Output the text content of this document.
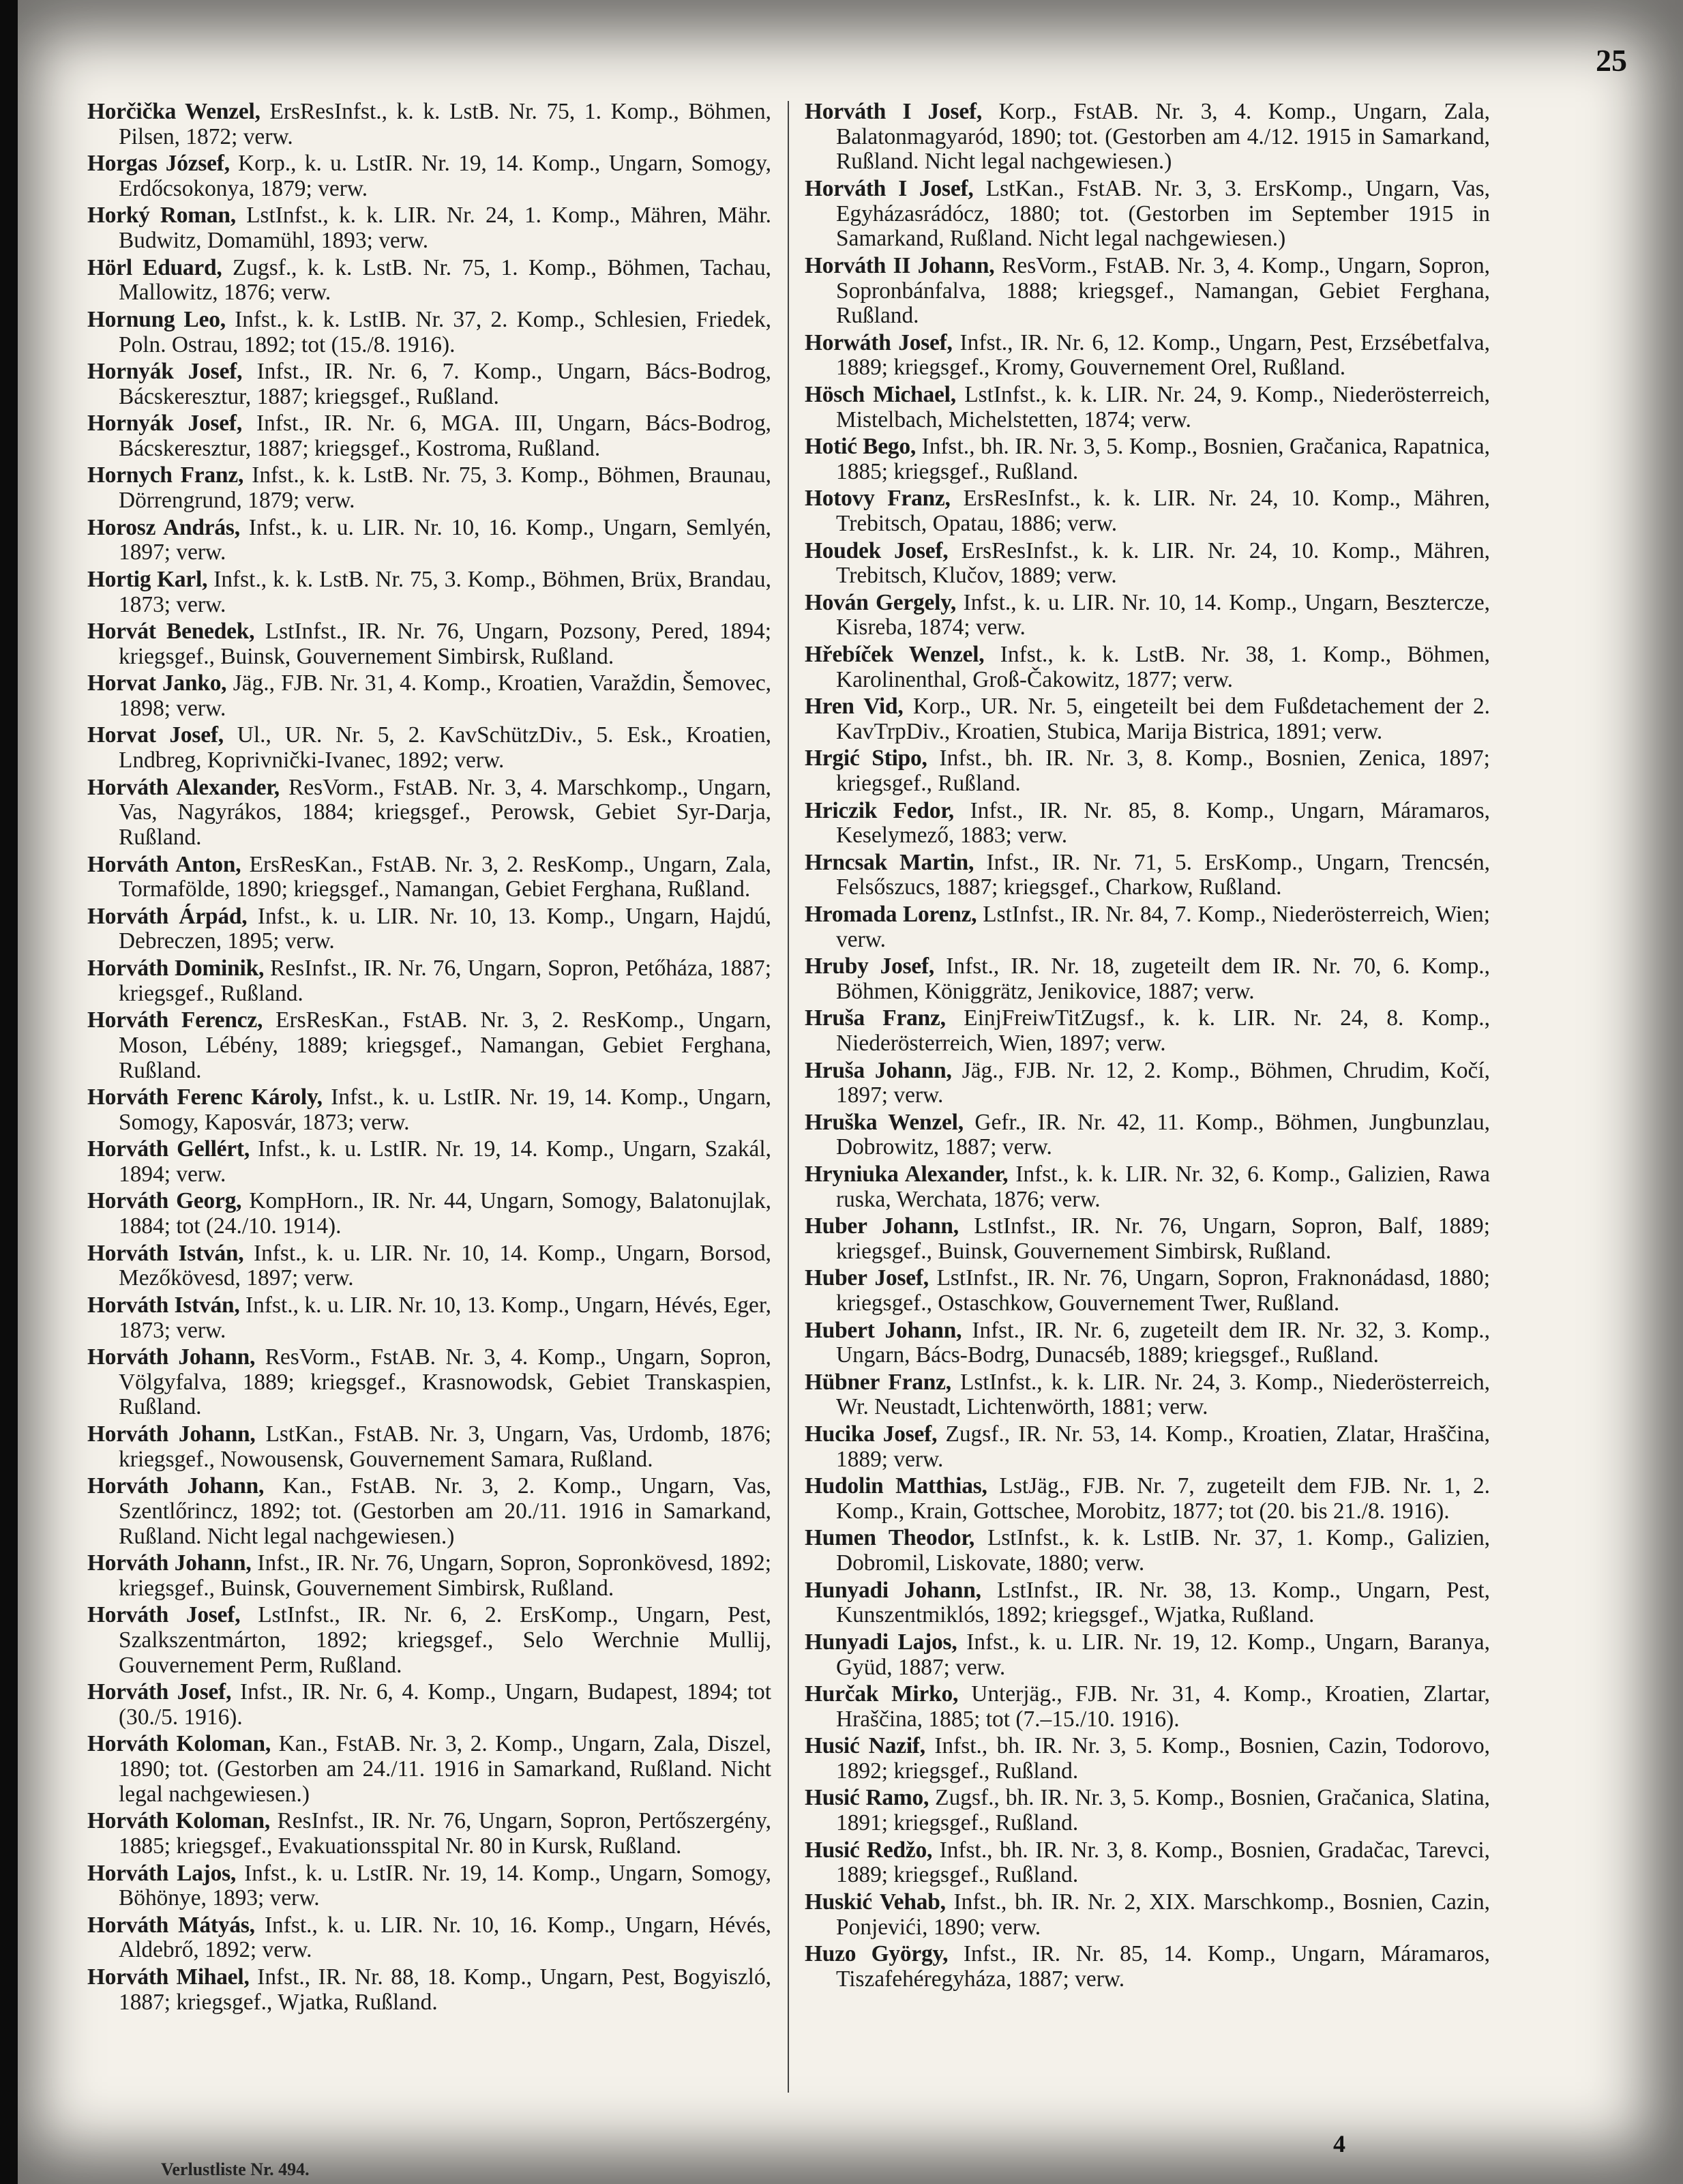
25
Horčička Wenzel, ErsResInfst., k. k. LstB. Nr. 75, 1. Komp., Böhmen, Pilsen, 1872; verw.
Horgas József, Korp., k. u. LstIR. Nr. 19, 14. Komp., Ungarn, Somogy, Erdőcsokonya, 1879; verw.
Horký Roman, LstInfst., k. k. LIR. Nr. 24, 1. Komp., Mähren, Mähr. Budwitz, Domamühl, 1893; verw.
Hörl Eduard, Zugsf., k. k. LstB. Nr. 75, 1. Komp., Böhmen, Tachau, Mallowitz, 1876; verw.
Hornung Leo, Infst., k. k. LstIB. Nr. 37, 2. Komp., Schlesien, Friedek, Poln. Ostrau, 1892; tot (15./8. 1916).
Hornyák Josef, Infst., IR. Nr. 6, 7. Komp., Ungarn, Bács-Bodrog, Bácskeresztur, 1887; kriegsgef., Rußland.
Hornyák Josef, Infst., IR. Nr. 6, MGA. III, Ungarn, Bács-Bodrog, Bácskeresztur, 1887; kriegsgef., Kostroma, Rußland.
Hornych Franz, Infst., k. k. LstB. Nr. 75, 3. Komp., Böhmen, Braunau, Dörrengrund, 1879; verw.
Horosz András, Infst., k. u. LIR. Nr. 10, 16. Komp., Ungarn, Semlyén, 1897; verw.
Hortig Karl, Infst., k. k. LstB. Nr. 75, 3. Komp., Böhmen, Brüx, Brandau, 1873; verw.
Horvát Benedek, LstInfst., IR. Nr. 76, Ungarn, Pozsony, Pered, 1894; kriegsgef., Buinsk, Gouvernement Simbirsk, Rußland.
Horvat Janko, Jäg., FJB. Nr. 31, 4. Komp., Kroatien, Varaždin, Šemovec, 1898; verw.
Horvat Josef, Ul., UR. Nr. 5, 2. KavSchützDiv., 5. Esk., Kroatien, Lndbreg, Koprivnički-Ivanec, 1892; verw.
Horváth Alexander, ResVorm., FstAB. Nr. 3, 4. Marschkomp., Ungarn, Vas, Nagyrákos, 1884; kriegsgef., Perowsk, Gebiet Syr-Darja, Rußland.
Horváth Anton, ErsResKan., FstAB. Nr. 3, 2. ResKomp., Ungarn, Zala, Tormafölde, 1890; kriegsgef., Namangan, Gebiet Ferghana, Rußland.
Horváth Árpád, Infst., k. u. LIR. Nr. 10, 13. Komp., Ungarn, Hajdú, Debreczen, 1895; verw.
Horváth Dominik, ResInfst., IR. Nr. 76, Ungarn, Sopron, Petőháza, 1887; kriegsgef., Rußland.
Horváth Ferencz, ErsResKan., FstAB. Nr. 3, 2. ResKomp., Ungarn, Moson, Lébény, 1889; kriegsgef., Namangan, Gebiet Ferghana, Rußland.
Horváth Ferenc Károly, Infst., k. u. LstIR. Nr. 19, 14. Komp., Ungarn, Somogy, Kaposvár, 1873; verw.
Horváth Gellért, Infst., k. u. LstIR. Nr. 19, 14. Komp., Ungarn, Szakál, 1894; verw.
Horváth Georg, KompHorn., IR. Nr. 44, Ungarn, Somogy, Balatonujlak, 1884; tot (24./10. 1914).
Horváth István, Infst., k. u. LIR. Nr. 10, 14. Komp., Ungarn, Borsod, Mezőkövesd, 1897; verw.
Horváth István, Infst., k. u. LIR. Nr. 10, 13. Komp., Ungarn, Hévés, Eger, 1873; verw.
Horváth Johann, ResVorm., FstAB. Nr. 3, 4. Komp., Ungarn, Sopron, Völgyfalva, 1889; kriegsgef., Krasnowodsk, Gebiet Transkaspien, Rußland.
Horváth Johann, LstKan., FstAB. Nr. 3, Ungarn, Vas, Urdomb, 1876; kriegsgef., Nowousensk, Gouvernement Samara, Rußland.
Horváth Johann, Kan., FstAB. Nr. 3, 2. Komp., Ungarn, Vas, Szentlőrincz, 1892; tot. (Gestorben am 20./11. 1916 in Samarkand, Rußland. Nicht legal nachgewiesen.)
Horváth Johann, Infst., IR. Nr. 76, Ungarn, Sopron, Sopronkövesd, 1892; kriegsgef., Buinsk, Gouvernement Simbirsk, Rußland.
Horváth Josef, LstInfst., IR. Nr. 6, 2. ErsKomp., Ungarn, Pest, Szalkszentmárton, 1892; kriegsgef., Selo Werchnie Mullij, Gouvernement Perm, Rußland.
Horváth Josef, Infst., IR. Nr. 6, 4. Komp., Ungarn, Budapest, 1894; tot (30./5. 1916).
Horváth Koloman, Kan., FstAB. Nr. 3, 2. Komp., Ungarn, Zala, Diszel, 1890; tot. (Gestorben am 24./11. 1916 in Samarkand, Rußland. Nicht legal nachgewiesen.)
Horváth Koloman, ResInfst., IR. Nr. 76, Ungarn, Sopron, Pertőszergény, 1885; kriegsgef., Evakuationsspital Nr. 80 in Kursk, Rußland.
Horváth Lajos, Infst., k. u. LstIR. Nr. 19, 14. Komp., Ungarn, Somogy, Böhönye, 1893; verw.
Horváth Mátyás, Infst., k. u. LIR. Nr. 10, 16. Komp., Ungarn, Hévés, Aldebrő, 1892; verw.
Horváth Mihael, Infst., IR. Nr. 88, 18. Komp., Ungarn, Pest, Bogyiszló, 1887; kriegsgef., Wjatka, Rußland.
Horváth I Josef, Korp., FstAB. Nr. 3, 4. Komp., Ungarn, Zala, Balatonmagyaród, 1890; tot. (Gestorben am 4./12. 1915 in Samarkand, Rußland. Nicht legal nachgewiesen.)
Horváth I Josef, LstKan., FstAB. Nr. 3, 3. ErsKomp., Ungarn, Vas, Egyházasrádócz, 1880; tot. (Gestorben im September 1915 in Samarkand, Rußland. Nicht legal nachgewiesen.)
Horváth II Johann, ResVorm., FstAB. Nr. 3, 4. Komp., Ungarn, Sopron, Sopronbánfalva, 1888; kriegsgef., Namangan, Gebiet Ferghana, Rußland.
Horwáth Josef, Infst., IR. Nr. 6, 12. Komp., Ungarn, Pest, Erzsébetfalva, 1889; kriegsgef., Kromy, Gouvernement Orel, Rußland.
Hösch Michael, LstInfst., k. k. LIR. Nr. 24, 9. Komp., Niederösterreich, Mistelbach, Michelstetten, 1874; verw.
Hotić Bego, Infst., bh. IR. Nr. 3, 5. Komp., Bosnien, Gračanica, Rapatnica, 1885; kriegsgef., Rußland.
Hotovy Franz, ErsResInfst., k. k. LIR. Nr. 24, 10. Komp., Mähren, Trebitsch, Opatau, 1886; verw.
Houdek Josef, ErsResInfst., k. k. LIR. Nr. 24, 10. Komp., Mähren, Trebitsch, Klučov, 1889; verw.
Hován Gergely, Infst., k. u. LIR. Nr. 10, 14. Komp., Ungarn, Besztercze, Kisreba, 1874; verw.
Hřebíček Wenzel, Infst., k. k. LstB. Nr. 38, 1. Komp., Böhmen, Karolinenthal, Groß-Čakowitz, 1877; verw.
Hren Vid, Korp., UR. Nr. 5, eingeteilt bei dem Fußdetachement der 2. KavTrpDiv., Kroatien, Stubica, Marija Bistrica, 1891; verw.
Hrgić Stipo, Infst., bh. IR. Nr. 3, 8. Komp., Bosnien, Zenica, 1897; kriegsgef., Rußland.
Hriczik Fedor, Infst., IR. Nr. 85, 8. Komp., Ungarn, Máramaros, Keselymező, 1883; verw.
Hrncsak Martin, Infst., IR. Nr. 71, 5. ErsKomp., Ungarn, Trencsén, Felsőszucs, 1887; kriegsgef., Charkow, Rußland.
Hromada Lorenz, LstInfst., IR. Nr. 84, 7. Komp., Niederösterreich, Wien; verw.
Hruby Josef, Infst., IR. Nr. 18, zugeteilt dem IR. Nr. 70, 6. Komp., Böhmen, Königgrätz, Jenikovice, 1887; verw.
Hruša Franz, EinjFreiwTitZugsf., k. k. LIR. Nr. 24, 8. Komp., Niederösterreich, Wien, 1897; verw.
Hruša Johann, Jäg., FJB. Nr. 12, 2. Komp., Böhmen, Chrudim, Kočí, 1897; verw.
Hruška Wenzel, Gefr., IR. Nr. 42, 11. Komp., Böhmen, Jungbunzlau, Dobrowitz, 1887; verw.
Hryniuka Alexander, Infst., k. k. LIR. Nr. 32, 6. Komp., Galizien, Rawa ruska, Werchata, 1876; verw.
Huber Johann, LstInfst., IR. Nr. 76, Ungarn, Sopron, Balf, 1889; kriegsgef., Buinsk, Gouvernement Simbirsk, Rußland.
Huber Josef, LstInfst., IR. Nr. 76, Ungarn, Sopron, Fraknonádasd, 1880; kriegsgef., Ostaschkow, Gouvernement Twer, Rußland.
Hubert Johann, Infst., IR. Nr. 6, zugeteilt dem IR. Nr. 32, 3. Komp., Ungarn, Bács-Bodrg, Dunacséb, 1889; kriegsgef., Rußland.
Hübner Franz, LstInfst., k. k. LIR. Nr. 24, 3. Komp., Niederösterreich, Wr. Neustadt, Lichtenwörth, 1881; verw.
Hucika Josef, Zugsf., IR. Nr. 53, 14. Komp., Kroatien, Zlatar, Hraščina, 1889; verw.
Hudolin Matthias, LstJäg., FJB. Nr. 7, zugeteilt dem FJB. Nr. 1, 2. Komp., Krain, Gottschee, Morobitz, 1877; tot (20. bis 21./8. 1916).
Humen Theodor, LstInfst., k. k. LstIB. Nr. 37, 1. Komp., Galizien, Dobromil, Liskovate, 1880; verw.
Hunyadi Johann, LstInfst., IR. Nr. 38, 13. Komp., Ungarn, Pest, Kunszentmiklós, 1892; kriegsgef., Wjatka, Rußland.
Hunyadi Lajos, Infst., k. u. LIR. Nr. 19, 12. Komp., Ungarn, Baranya, Gyüd, 1887; verw.
Hurčak Mirko, Unterjäg., FJB. Nr. 31, 4. Komp., Kroatien, Zlartar, Hraščina, 1885; tot (7.–15./10. 1916).
Husić Nazif, Infst., bh. IR. Nr. 3, 5. Komp., Bosnien, Cazin, Todorovo, 1892; kriegsgef., Rußland.
Husić Ramo, Zugsf., bh. IR. Nr. 3, 5. Komp., Bosnien, Gračanica, Slatina, 1891; kriegsgef., Rußland.
Husić Redžo, Infst., bh. IR. Nr. 3, 8. Komp., Bosnien, Gradačac, Tarevci, 1889; kriegsgef., Rußland.
Huskić Vehab, Infst., bh. IR. Nr. 2, XIX. Marschkomp., Bosnien, Cazin, Ponjevići, 1890; verw.
Huzo György, Infst., IR. Nr. 85, 14. Komp., Ungarn, Máramaros, Tiszafehéregyháza, 1887; verw.
Verlustliste Nr. 494.
4
